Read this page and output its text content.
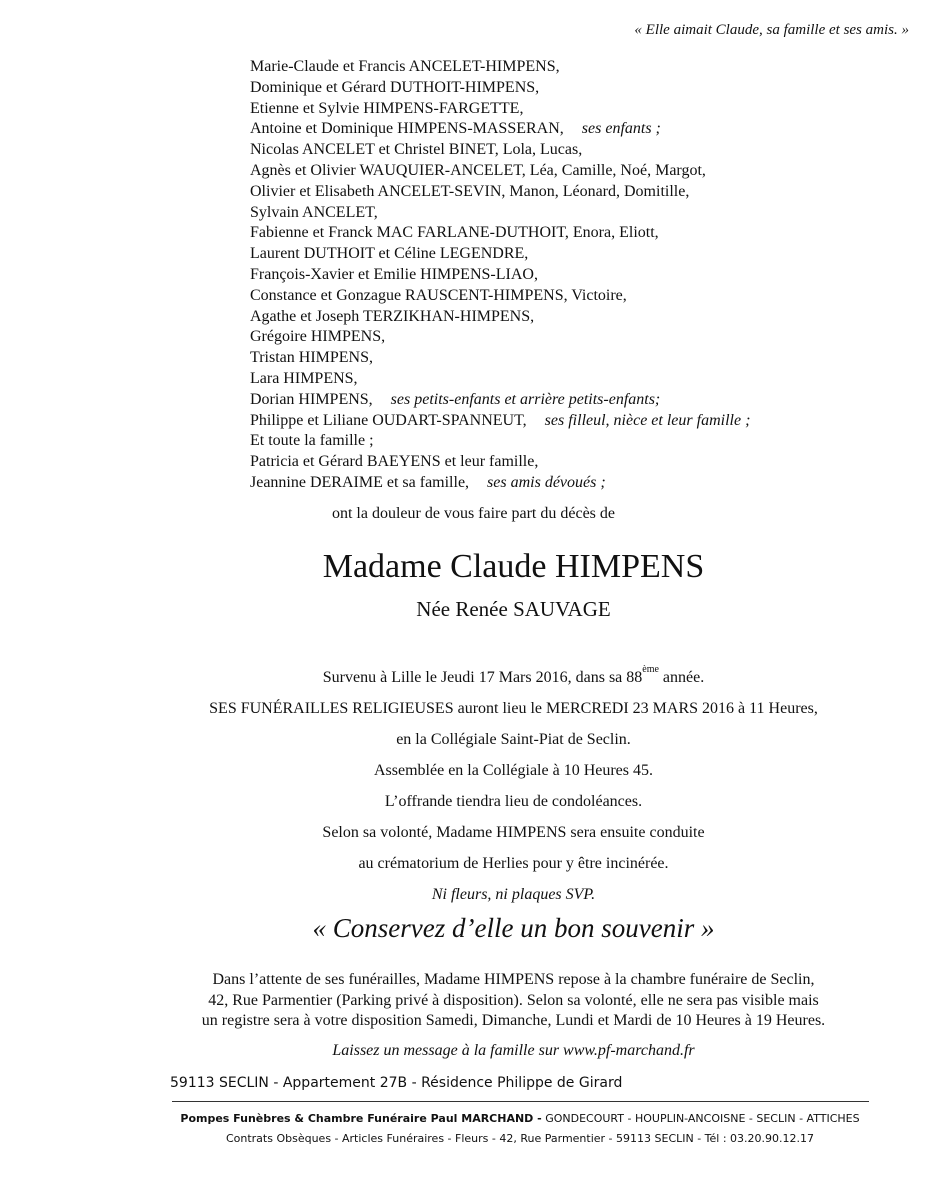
« Elle aimait Claude, sa famille et ses amis. »
Marie-Claude et Francis ANCELET-HIMPENS,
Dominique et Gérard DUTHOIT-HIMPENS,
Etienne et Sylvie HIMPENS-FARGETTE,
Antoine et Dominique HIMPENS-MASSERAN, ses enfants ;
Nicolas ANCELET et Christel BINET, Lola, Lucas,
Agnès et Olivier WAUQUIER-ANCELET, Léa, Camille, Noé, Margot,
Olivier et Elisabeth ANCELET-SEVIN, Manon, Léonard, Domitille,
Sylvain ANCELET,
Fabienne et Franck MAC FARLANE-DUTHOIT, Enora, Eliott,
Laurent DUTHOIT et Céline LEGENDRE,
François-Xavier et Emilie HIMPENS-LIAO,
Constance et Gonzague RAUSCENT-HIMPENS, Victoire,
Agathe et Joseph TERZIKHAN-HIMPENS,
Grégoire HIMPENS,
Tristan HIMPENS,
Lara HIMPENS,
Dorian HIMPENS, ses petits-enfants et arrière petits-enfants;
Philippe et Liliane OUDART-SPANNEUT, ses filleul, nièce et leur famille ;
Et toute la famille ;
Patricia et Gérard BAEYENS et leur famille,
Jeannine DERAIME et sa famille, ses amis dévoués ;
ont la douleur de vous faire part du décès de
Madame Claude HIMPENS
Née Renée SAUVAGE
Survenu à Lille le Jeudi 17 Mars 2016, dans sa 88ème année.
SES FUNÉRAILLES RELIGIEUSES auront lieu le MERCREDI 23 MARS 2016 à 11 Heures,
en la Collégiale Saint-Piat de Seclin.
Assemblée en la Collégiale à 10 Heures 45.
L’offrande tiendra lieu de condoléances.
Selon sa volonté, Madame HIMPENS sera ensuite conduite
au crématorium de Herlies pour y être incinérée.
Ni fleurs, ni plaques SVP.
« Conservez d’elle un bon souvenir »
Dans l’attente de ses funérailles, Madame HIMPENS repose à la chambre funéraire de Seclin,
42, Rue Parmentier (Parking privé à disposition). Selon sa volonté, elle ne sera pas visible mais
un registre sera à votre disposition Samedi, Dimanche, Lundi et Mardi de 10 Heures à 19 Heures.
Laissez un message à la famille sur www.pf-marchand.fr
59113 SECLIN - Appartement 27B - Résidence Philippe de Girard
Pompes Funèbres & Chambre Funéraire Paul MARCHAND - GONDECOURT - HOUPLIN-ANCOISNE - SECLIN - ATTICHES
Contrats Obsèques - Articles Funéraires - Fleurs - 42, Rue Parmentier - 59113 SECLIN - Tél : 03.20.90.12.17
